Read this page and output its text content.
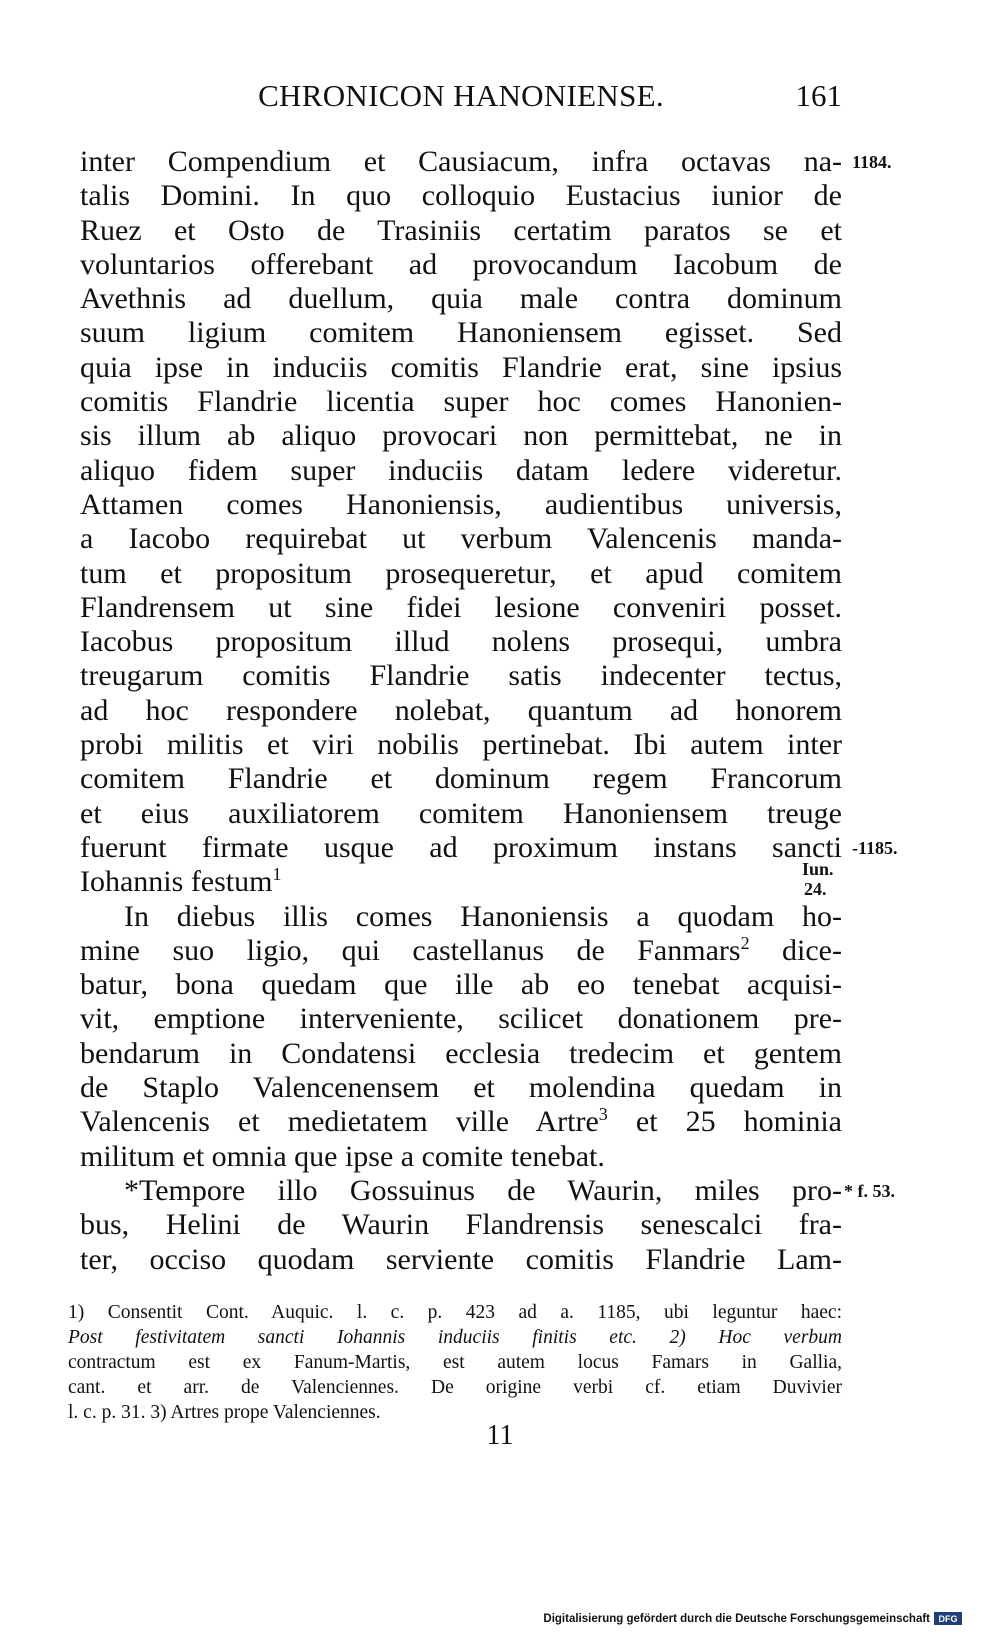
CHRONICON HANONIENSE.	161
inter Compendium et Causiacum, infra octavas na- 1184.
talis Domini. In quo colloquio Eustacius iunior de
Ruez et Osto de Trasiniis certatim paratos se et
voluntarios offerebant ad provocandum Iacobum de
Avethnis ad duellum, quia male contra dominum
suum ligium comitem Hanoniensem egisset. Sed
quia ipse in induciis comitis Flandrie erat, sine ipsius
comitis Flandrie licentia super hoc comes Hanonien-
sis illum ab aliquo provocari non permittebat, ne in
aliquo fidem super induciis datam ledere videretur.
Attamen comes Hanoniensis, audientibus universis,
a Iacobo requirebat ut verbum Valencenis manda-
tum et propositum prosequeretur, et apud comitem
Flandrensem ut sine fidei lesione conveniri posset.
Iacobus propositum illud nolens prosequi, umbra
treugarum comitis Flandrie satis indecenter tectus,
ad hoc respondere nolebat, quantum ad honorem
probi militis et viri nobilis pertinebat. Ibi autem inter
comitem Flandrie et dominum regem Francorum
et eius auxiliatorem comitem Hanoniensem treuge
fuerunt firmate usque ad proximum instans sancti -1185.
Iohannis festum$^1$	Iun.
24.
In diebus illis comes Hanoniensis a quodam ho-
mine suo ligio, qui castellanus de Fanmars$^2$ dice-
batur, bona quedam que ille ab eo tenebat acquisi-
vit, emptione interveniente, scilicet donationem pre-
bendarum in Condatensi ecclesia tredecim et gentem
de Staplo Valencenensem et molendina quedam in
Valencenis et medietatem ville Artre$^3$ et 25 hominia
militum et omnia que ipse a comite tenebat.
*Tempore illo Gossuinus de Waurin, miles pro- * f. 53.
bus, Helini de Waurin Flandrensis senescalci fra-
ter, occiso quodam serviente comitis Flandrie Lam-
1) Consentit Cont. Auquic. l. c. p. 423 ad a. 1185, ubi leguntur haec:
Post festivitatem sancti Iohannis induciis finitis etc. 2) Hoc verbum
contractum est ex Fanum-Martis, est autem locus Famars in Gallia,
cant. et arr. de Valenciennes. De origine verbi cf. etiam Duvivier
l. c. p. 31. 3) Artres prope Valenciennes.
11
Digitalisierung gefördert durch die Deutsche Forschungsgemeinschaft DFG
